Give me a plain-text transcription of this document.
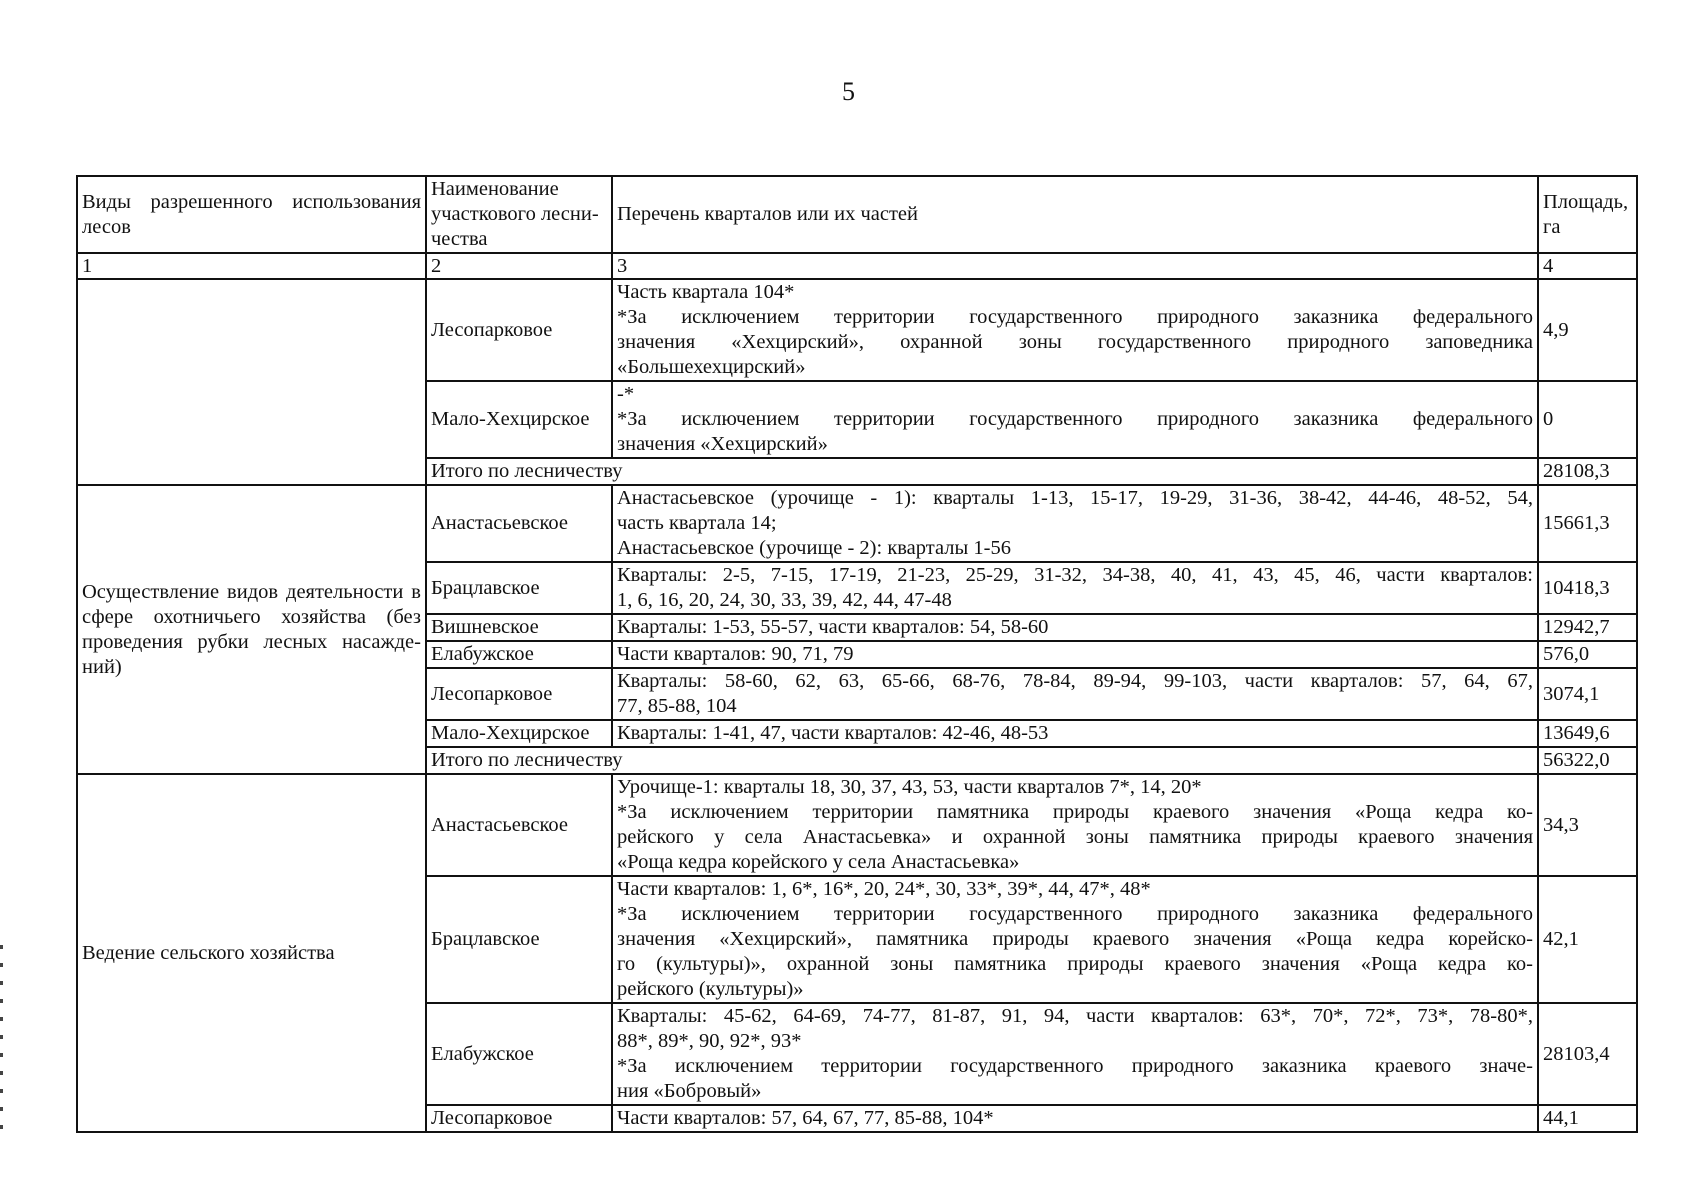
5
Виды разрешенного использования лесов	Наименование
участкового лесни-
чества	Перечень кварталов или их частей	Площадь,
га

1	2	3	4
	Лесопарковое	Часть квартала 104*
*За исключением территории государственного природного заказника федерального
значения «Хехцирский», охранной зоны государственного природного заповедника
«Большехехцирский»	4,9
	Мало-Хехцирское	-*
*За исключением территории государственного природного заказника федерального
значения «Хехцирский»	0
	Итого по лесничеству		28108,3

Осуществление видов деятельности в
сфере охотничьего хозяйства (без
проведения рубки лесных насажде-
ний)	Анастасьевское	Анастасьевское (урочище - 1): кварталы 1-13, 15-17, 19-29, 31-36, 38-42, 44-46, 48-52, 54,
часть квартала 14;
Анастасьевское (урочище - 2): кварталы 1-56	15661,3
	Брацлавское	Кварталы: 2-5, 7-15, 17-19, 21-23, 25-29, 31-32, 34-38, 40, 41, 43, 45, 46, части кварталов:
1, 6, 16, 20, 24, 30, 33, 39, 42, 44, 47-48	10418,3
	Вишневское	Кварталы: 1-53, 55-57, части кварталов: 54, 58-60	12942,7
	Елабужское	Части кварталов: 90, 71, 79	576,0
	Лесопарковое	Кварталы: 58-60, 62, 63, 65-66, 68-76, 78-84, 89-94, 99-103, части кварталов: 57, 64, 67,
77, 85-88, 104	3074,1
	Мало-Хехцирское	Кварталы: 1-41, 47, части кварталов: 42-46, 48-53	13649,6
	Итого по лесничеству		56322,0
Ведение сельского хозяйства	Анастасьевское	Урочище-1: кварталы 18, 30, 37, 43, 53, части кварталов 7*, 14, 20*
*За исключением территории памятника природы краевого значения «Роща кедра ко-
рейского у села Анастасьевка» и охранной зоны памятника природы краевого значения
«Роща кедра корейского у села Анастасьевка»	34,3
	Брацлавское	Части кварталов: 1, 6*, 16*, 20, 24*, 30, 33*, 39*, 44, 47*, 48*
*За исключением территории государственного природного заказника федерального
значения «Хехцирский», памятника природы краевого значения «Роща кедра корейско-
го (культуры)», охранной зоны памятника природы краевого значения «Роща кедра ко-
рейского (культуры)»	42,1
	Елабужское	Кварталы: 45-62, 64-69, 74-77, 81-87, 91, 94, части кварталов: 63*, 70*, 72*, 73*, 78-80*,
88*, 89*, 90, 92*, 93*
*За исключением территории государственного природного заказника краевого значе-
ния «Бобровый»	28103,4
	Лесопарковое	Части кварталов: 57, 64, 67, 77, 85-88, 104*	44,1
